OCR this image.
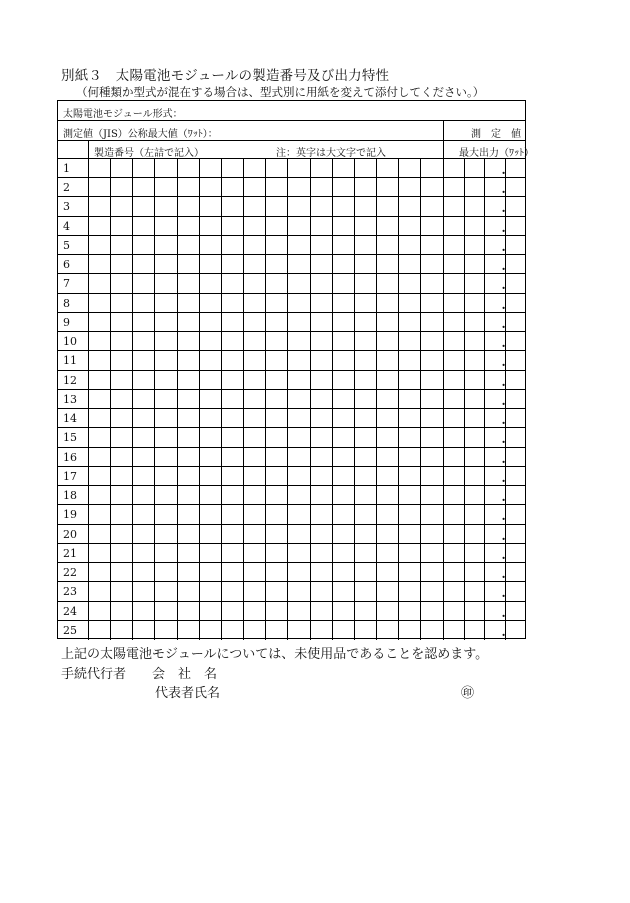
別紙３　太陽電池モジュールの製造番号及び出力特性
（何種類か型式が混在する場合は、型式別に用紙を変えて添付してください。）
太陽電池モジュール形式：
測定値（JIS）公称最大値（ﾜｯﾄ）：	測　定　値
製造番号（左詰で記入）	注：英字は大文字で記入	最大出力（ﾜｯﾄ）
1	.
2	.
3	.
4	.
5	.
6	.
7	.
8	.
9	.
10	.
11	.
12	.
13	.
14	.
15	.
16	.
17	.
18	.
19	.
20	.
21	.
22	.
23	.
24	.
25	.
上記の太陽電池モジュールについては、未使用品であることを認めます。
手続代行者　　会　社　名
代表者氏名	㊞
